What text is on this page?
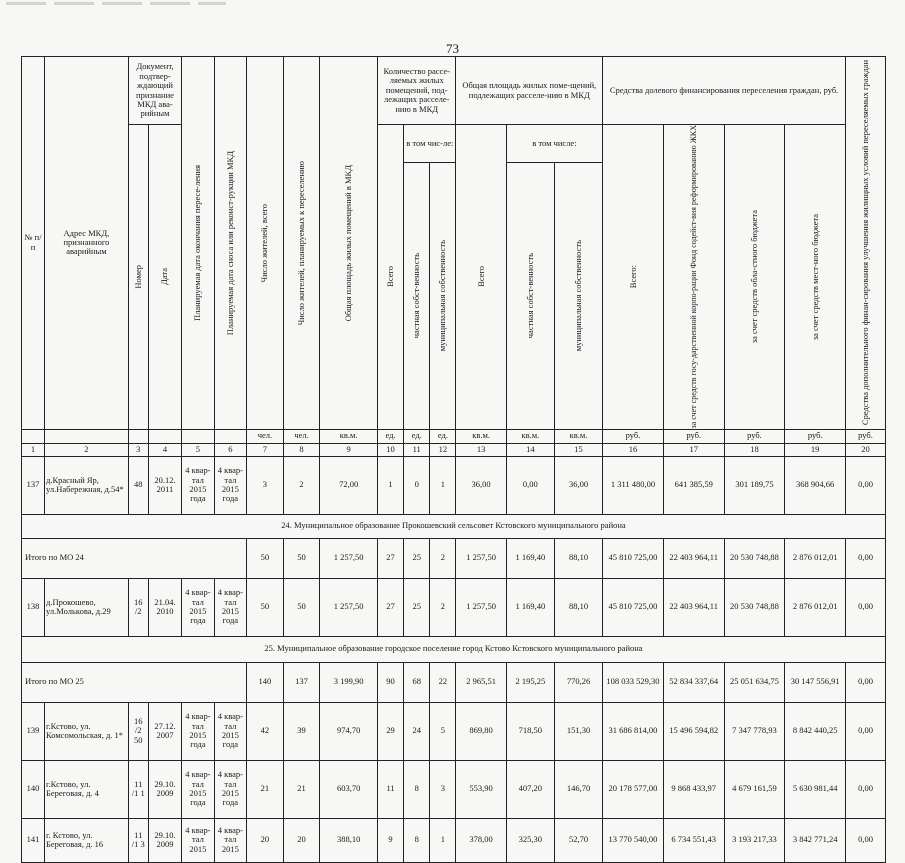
73
№ п/п	Адрес МКД, признанного аварийным	Документ, подтвер-ждающий признание МКД ава-рийным		Планируемая дата окончания пересе-ления	Планируемая дата сноса или реконст-рукции МКД	Число жителей, всего	Число жителей, планируемых к переселению	Общая площадь жилых помещений в МКД	Количество рассе-ляемых жилых помещений, под-лежащих расселе-нию в МКД			Общая площадь жилых поме-щений, подлежащих расселе-нию в МКД			Средства долевого финансирования переселения граждан, руб.				Средства дополнительного финан-сирования улучшения жилищных условий переселяемых граждан

		Номер	Дата						Всего	в том чис-ле:		Всего	в том числе:		Всего:	за счет средств госу-дарственной корпо-рации Фонд содейст-вия реформированию ЖКХ	за счет средств обла-стного бюджета	за счет средств мест-ного бюджета	

										частная собст-венность	муниципальная собственность		частная собст-венность	муниципальная собственность					

						чел.	чел.	кв.м.	ед.	ед.	ед.	кв.м.	кв.м.	кв.м.	руб.	руб.	руб.	руб.	руб.
1	2	3	4	5	6	7	8	9	10	11	12	13	14	15	16	17	18	19	20
137	д.Красный Яр, ул.Набережная, д.54*	48	20.12. 2011	4 квар-тал 2015 года	4 квар-тал 2015 года	3	2	72,00	1	0	1	36,00	0,00	36,00	1 311 480,00	641 385,59	301 189,75	368 904,66	0,00
24. Муниципальное образование Прокошевский сельсовет Кстовского муниципального района																			
Итого по МО 24						50	50	1 257,50	27	25	2	1 257,50	1 169,40	88,10	45 810 725,00	22 403 964,11	20 530 748,88	2 876 012,01	0,00
138	д.Прокошево, ул.Молькова, д.29	16 /2	21.04. 2010	4 квар-тал 2015 года	4 квар-тал 2015 года	50	50	1 257,50	27	25	2	1 257,50	1 169,40	88,10	45 810 725,00	22 403 964,11	20 530 748,88	2 876 012,01	0,00
25. Муниципальное образование городское поселение город Кстово Кстовского муниципального района																			
Итого по МО 25						140	137	3 199,90	90	68	22	2 965,51	2 195,25	770,26	108 033 529,30	52 834 337,64	25 051 634,75	30 147 556,91	0,00
139	г.Кстово, ул. Комсомольская, д. 1*	16 /2 50	27.12. 2007	4 квар-тал 2015 года	4 квар-тал 2015 года	42	39	974,70	29	24	5	869,80	718,50	151,30	31 686 814,00	15 496 594,82	7 347 778,93	8 842 440,25	0,00
140	г.Кстово, ул. Береговая, д. 4	11 /1 1	29.10. 2009	4 квар-тал 2015 года	4 квар-тал 2015 года	21	21	603,70	11	8	3	553,90	407,20	146,70	20 178 577,00	9 868 433,97	4 679 161,59	5 630 981,44	0,00
141	г. Кстово, ул. Береговая, д. 16	11 /1 3	29.10. 2009	4 квар-тал 2015	4 квар-тал 2015	20	20	388,10	9	8	1	378,00	325,30	52,70	13 770 540,00	6 734 551,43	3 193 217,33	3 842 771,24	0,00
